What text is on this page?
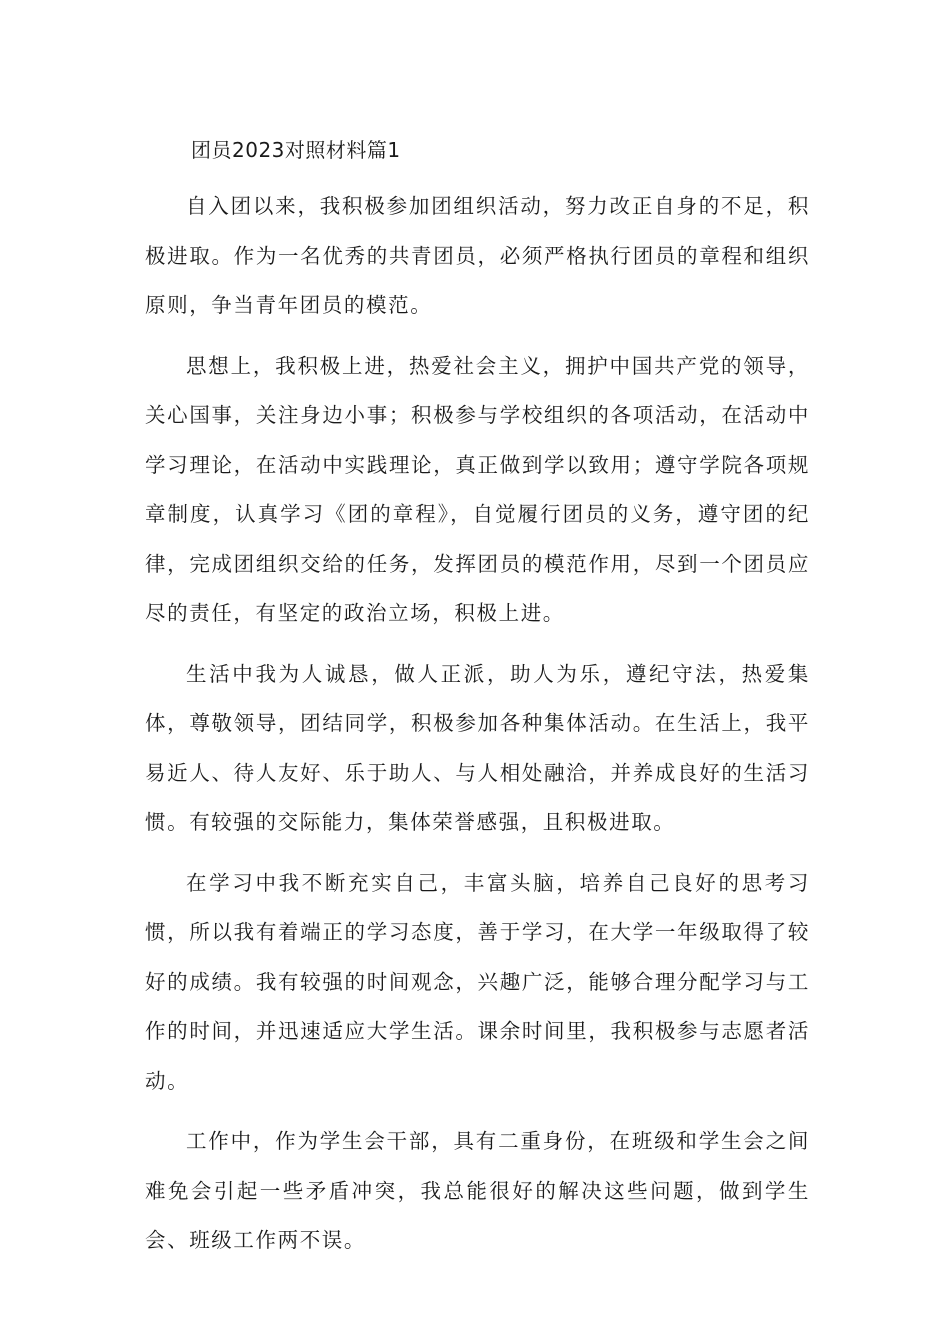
团员2023对照材料篇1

自入团以来，我积极参加团组织活动，努力改正自身的不足，积极进取。作为一名优秀的共青团员，必须严格执行团员的章程和组织原则，争当青年团员的模范。

思想上，我积极上进，热爱社会主义，拥护中国共产党的领导，关心国事，关注身边小事；积极参与学校组织的各项活动，在活动中学习理论，在活动中实践理论，真正做到学以致用；遵守学院各项规章制度，认真学习《团的章程》，自觉履行团员的义务，遵守团的纪律，完成团组织交给的任务，发挥团员的模范作用，尽到一个团员应尽的责任，有坚定的政治立场，积极上进。

生活中我为人诚恳，做人正派，助人为乐，遵纪守法，热爱集体，尊敬领导，团结同学，积极参加各种集体活动。在生活上，我平易近人、待人友好、乐于助人、与人相处融洽，并养成良好的生活习惯。有较强的交际能力，集体荣誉感强，且积极进取。

在学习中我不断充实自己，丰富头脑，培养自己良好的思考习惯，所以我有着端正的学习态度，善于学习，在大学一年级取得了较好的成绩。我有较强的时间观念，兴趣广泛，能够合理分配学习与工作的时间，并迅速适应大学生活。课余时间里，我积极参与志愿者活动。

工作中，作为学生会干部，具有二重身份，在班级和学生会之间难免会引起一些矛盾冲突，我总能很好的解决这些问题，做到学生会、班级工作两不误。
